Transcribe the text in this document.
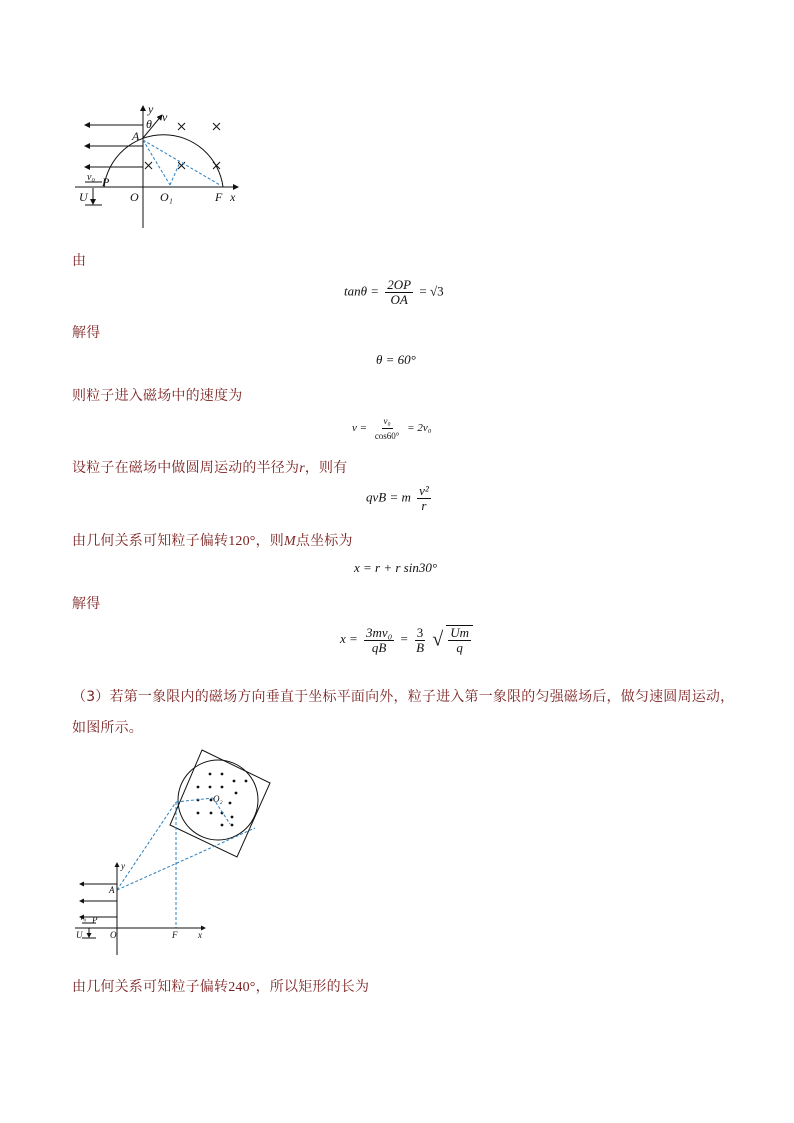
y
θ v
A
v₀ P
U	O O₁	F x
由
$\tan\theta = \frac{2OP}{OA} = √3$
解得
θ = 60°
则粒子进入磁场中的速度为
$v = \frac{\text{v₀}}{\cos 60^\circ} = 2v_0$
设粒子在磁场中做圆周运动的半径为r，则有
qvB = m $\frac{\text{v²}}{r}$
由几何关系可知粒子偏转120°，则M点坐标为
x = r + r sin30°
解得
$x = \frac{\text{3mv₀}}{qB} = \frac{3}{B}$ √ $\frac{Um}{q}$
（3）若第一象限内的磁场方向垂直于坐标平面向外，粒子进入第一象限的匀强磁场后，做匀速圆周运动，
如图所示。
O₂
y
A
v₀ P
U	O	F x
由几何关系可知粒子偏转240°，所以矩形的长为
